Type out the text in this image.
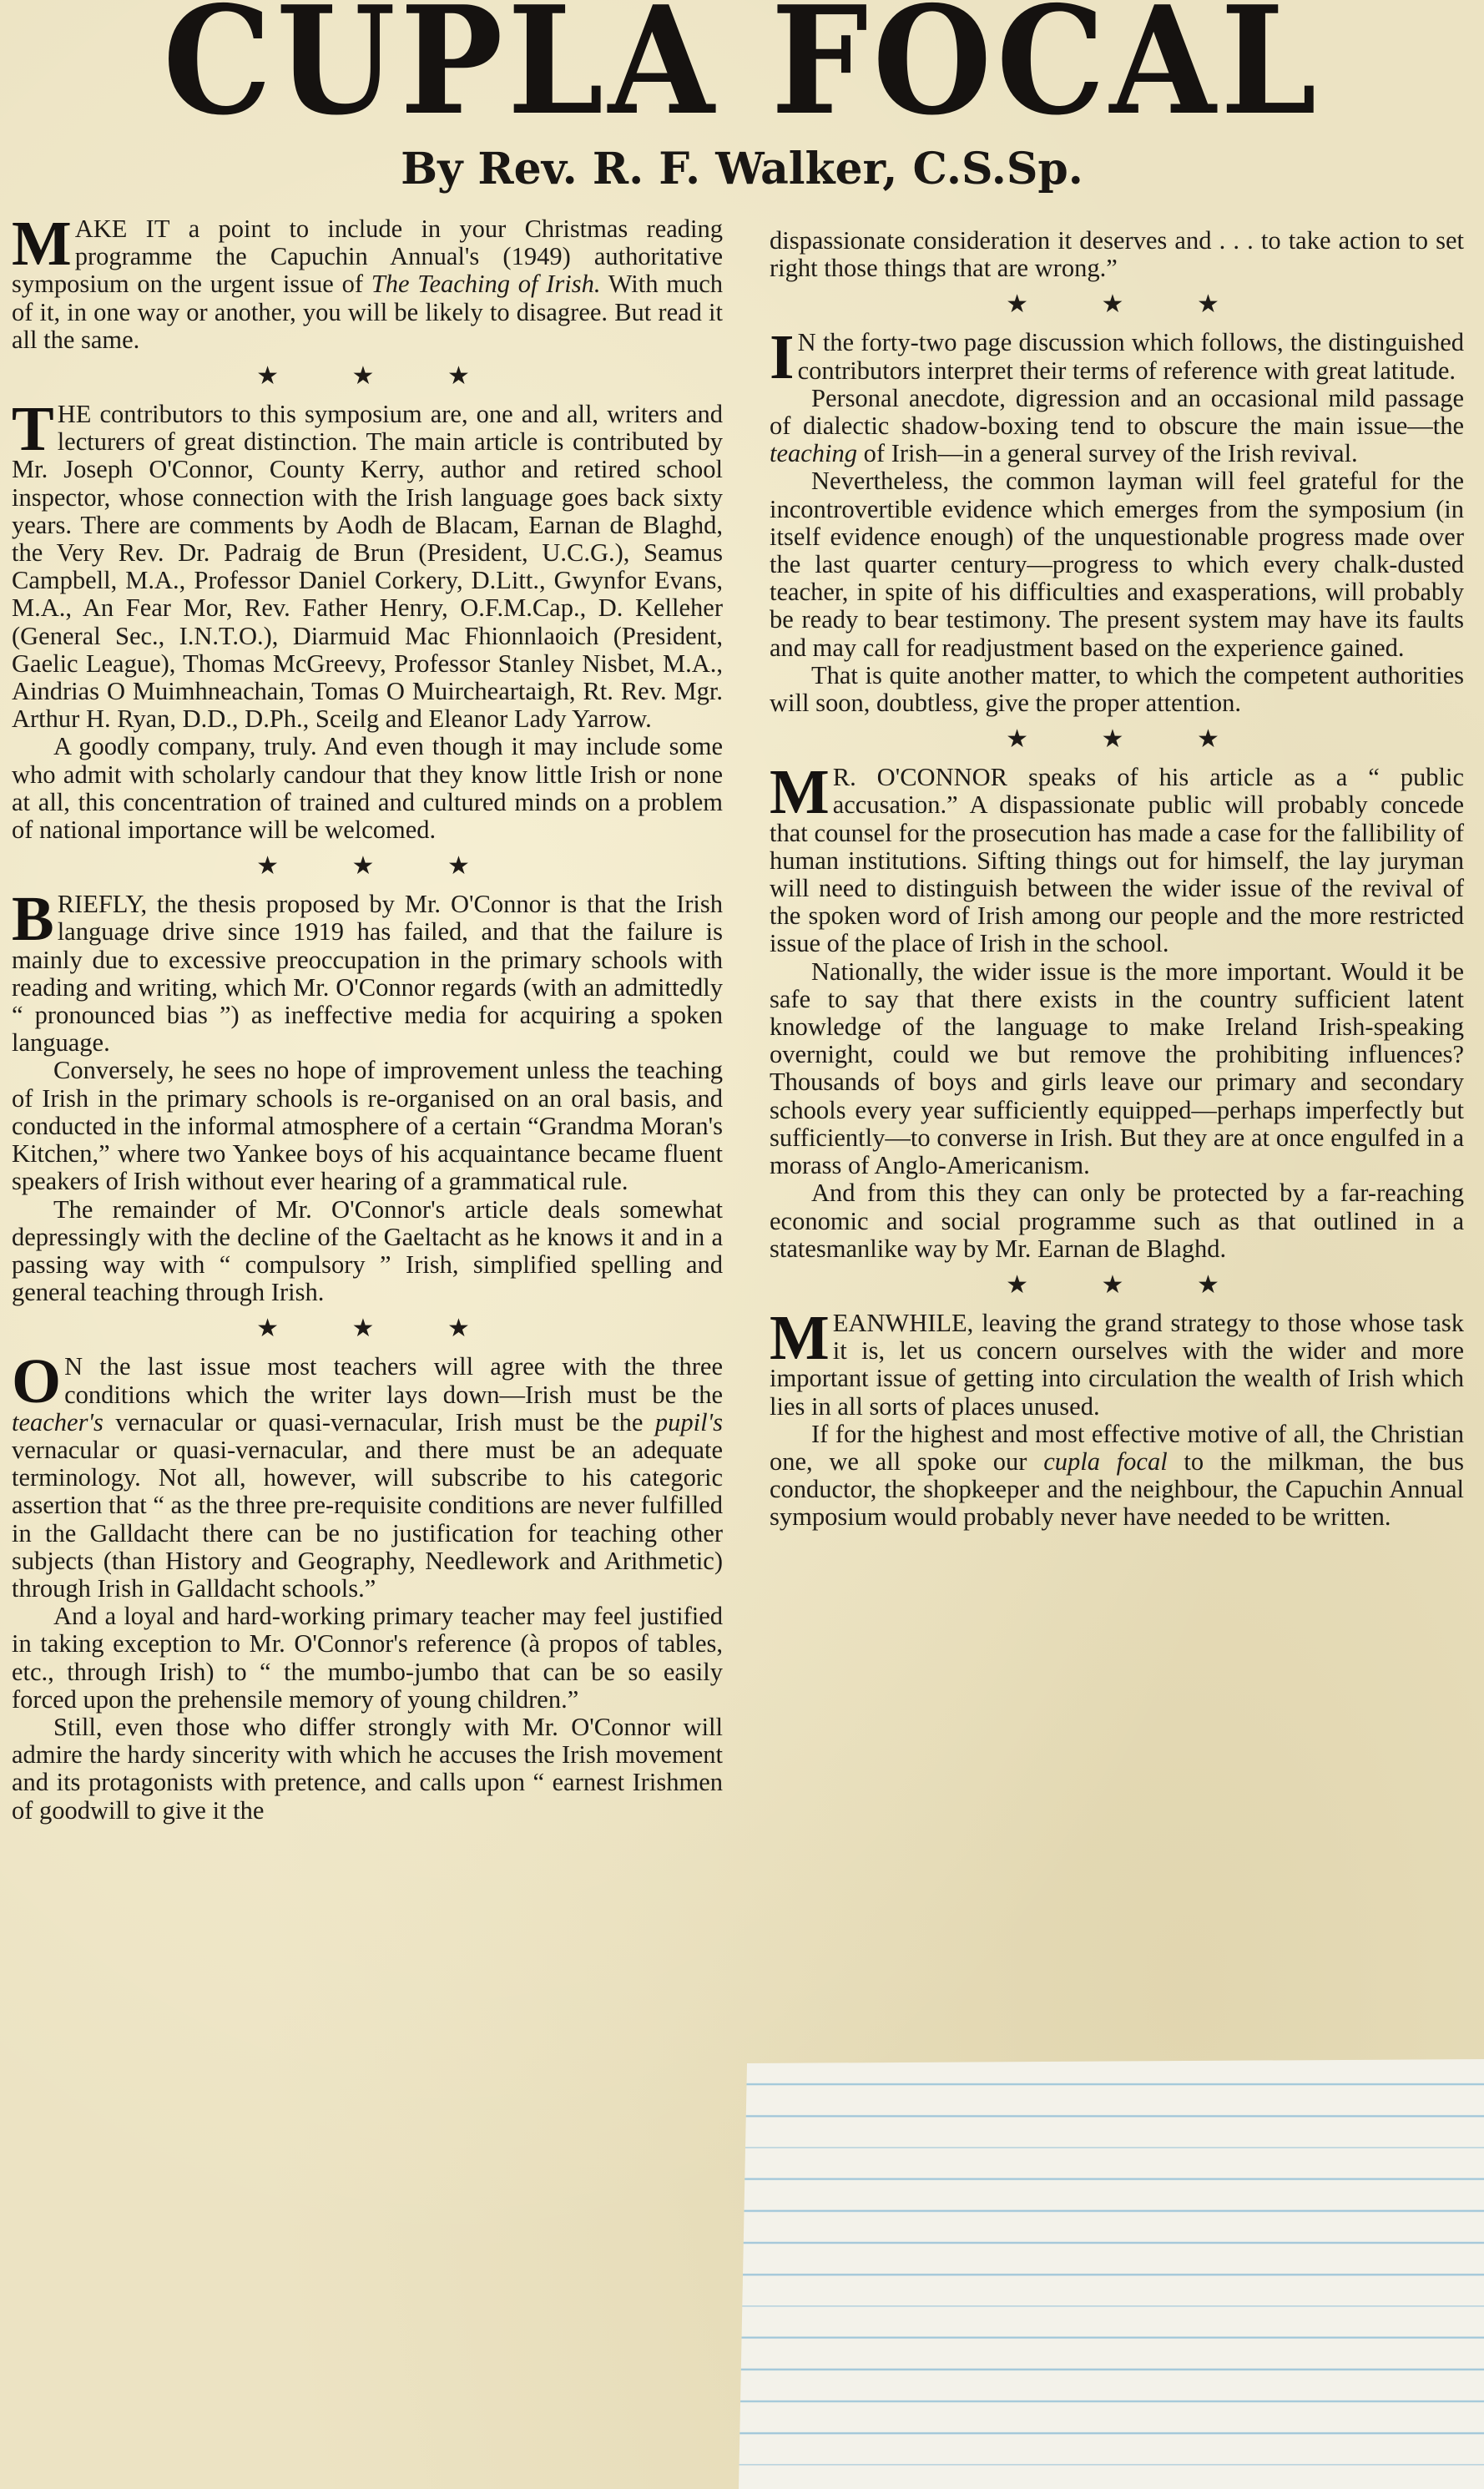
CUPLA FOCAL
By Rev. R. F. Walker, C.S.Sp.

MAKE IT a point to include in your Christmas reading programme the Capuchin Annual's (1949) authoritative symposium on the urgent issue of The Teaching of Irish. With much of it, in one way or another, you will be likely to disagree. But read it all the same.

★ ★ ★

THE contributors to this symposium are, one and all, writers and lecturers of great distinction. The main article is contributed by Mr. Joseph O'Connor, County Kerry, author and retired school inspector, whose connection with the Irish language goes back sixty years. There are comments by Aodh de Blacam, Earnan de Blaghd, the Very Rev. Dr. Padraig de Brun (President, U.C.G.), Seamus Campbell, M.A., Professor Daniel Corkery, D.Litt., Gwynfor Evans, M.A., An Fear Mor, Rev. Father Henry, O.F.M.Cap., D. Kelleher (General Sec., I.N.T.O.), Diarmuid Mac Fhionnlaoich (President, Gaelic League), Thomas McGreevy, Professor Stanley Nisbet, M.A., Aindrias O Muimhneachain, Tomas O Muircheartaigh, Rt. Rev. Mgr. Arthur H. Ryan, D.D., D.Ph., Sceilg and Eleanor Lady Yarrow.

A goodly company, truly. And even though it may include some who admit with scholarly candour that they know little Irish or none at all, this concentration of trained and cultured minds on a problem of national importance will be welcomed.

★ ★ ★

BRIEFLY, the thesis proposed by Mr. O'Connor is that the Irish language drive since 1919 has failed, and that the failure is mainly due to excessive preoccupation in the primary schools with reading and writing, which Mr. O'Connor regards (with an admittedly “ pronounced bias ”) as ineffective media for acquiring a spoken language.

Conversely, he sees no hope of improvement unless the teaching of Irish in the primary schools is re-organised on an oral basis, and conducted in the informal atmosphere of a certain “Grandma Moran's Kitchen,” where two Yankee boys of his acquaintance became fluent speakers of Irish without ever hearing of a grammatical rule.

The remainder of Mr. O'Connor's article deals somewhat depressingly with the decline of the Gaeltacht as he knows it and in a passing way with “ compulsory ” Irish, simplified spelling and general teaching through Irish.

★ ★ ★

O N the last issue most teachers will agree with the three conditions which the writer lays down—Irish must be the teacher's vernacular or quasi-vernacular, Irish must be the pupil's vernacular or quasi-vernacular, and there must be an adequate terminology. Not all, however, will subscribe to his categoric assertion that “ as the three pre-requisite conditions are never fulfilled in the Galldacht there can be no justification for teaching other subjects (than History and Geography, Needlework and Arithmetic) through Irish in Galldacht schools.”

And a loyal and hard-working primary teacher may feel justified in taking exception to Mr. O'Connor's reference (à propos of tables, etc., through Irish) to “ the mumbo-jumbo that can be so easily forced upon the prehensile memory of young children.”

Still, even those who differ strongly with Mr. O'Connor will admire the hardy sincerity with which he accuses the Irish movement and its protagonists with pretence, and calls upon “ earnest Irishmen of goodwill to give it the

dispassionate consideration it deserves and . . . to take action to set right those things that are wrong.”

★ ★ ★

I N the forty-two page discussion which follows, the distinguished contributors interpret their terms of reference with great latitude.

Personal anecdote, digression and an occasional mild passage of dialectic shadow-boxing tend to obscure the main issue—the teaching of Irish—in a general survey of the Irish revival.

Nevertheless, the common layman will feel grateful for the incontrovertible evidence which emerges from the symposium (in itself evidence enough) of the unquestionable progress made over the last quarter century—progress to which every chalk-dusted teacher, in spite of his difficulties and exasperations, will probably be ready to bear testimony. The present system may have its faults and may call for readjustment based on the experience gained.

That is quite another matter, to which the competent authorities will soon, doubtless, give the proper attention.

★ ★ ★

M R. O'CONNOR speaks of his article as a “ public accusation.” A dispassionate public will probably concede that counsel for the prosecution has made a case for the fallibility of human institutions. Sifting things out for himself, the lay juryman will need to distinguish between the wider issue of the revival of the spoken word of Irish among our people and the more restricted issue of the place of Irish in the school.

Nationally, the wider issue is the more important. Would it be safe to say that there exists in the country sufficient latent knowledge of the language to make Ireland Irish-speaking overnight, could we but remove the prohibiting influences? Thousands of boys and girls leave our primary and secondary schools every year sufficiently equipped—perhaps imperfectly but sufficiently—to converse in Irish. But they are at once engulfed in a morass of Anglo-Americanism.

And from this they can only be protected by a far-reaching economic and social programme such as that outlined in a statesmanlike way by Mr. Earnan de Blaghd.

★ ★ ★

MEANWHILE, leaving the grand strategy to those whose task it is, let us concern ourselves with the wider and more important issue of getting into circulation the wealth of Irish which lies in all sorts of places unused.

If for the highest and most effective motive of all, the Christian one, we all spoke our cupla focal to the milkman, the bus conductor, the shopkeeper and the neighbour, the Capuchin Annual symposium would probably never have needed to be written.
